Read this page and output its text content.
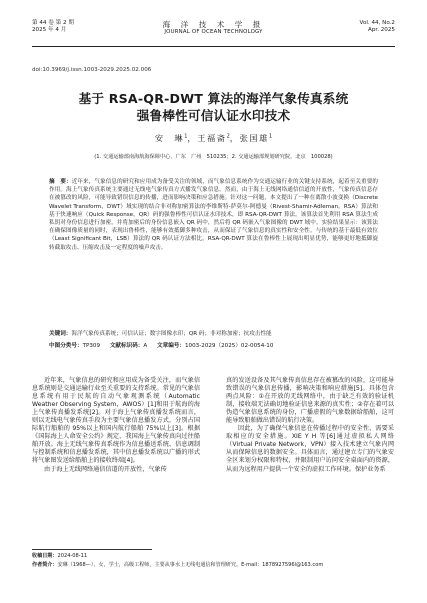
第 44 卷 第 2 期
2025 年 4 月
海 洋 技 术 学 报
JOURNAL OF OCEAN TECHNOLOGY
Vol. 44, No.2
Apr. 2025
doi:10.3969/j.issn.1003-2029.2025.02.006
基于 RSA-QR-DWT 算法的海洋气象传真系统
强鲁棒性可信认证水印技术
安　琳$^1$，王福斋$^2$，张国雄$^1$
(1. 交通运输部南海航海保障中心，广东　广州　510235；2. 交通运输部规划研究院，北京　100028)
摘　要：近年来，气象信息的研究和应用成为备受关注的领域，而气象信息系统作为交通运输行业的关键支持系统，起着至关重要的作用。海上气象传真系统主要通过无线电气象传真方式播发气象信息。然而，由于海上无线网络通信信道的开放性，气象传真信息存在被篡改的风险，可能导致错误信息的传播，进而影响决策和应急措施。针对这一问题，本文提出了一种在离散小波变换（Discrete Wavelet Transform，DWT）域实现的结合非对称加密算法的李维斯特-萨莫尔-阿德曼（Rivest-Shamir-Adleman，RSA）算法和基于快速响应（Quick Response，QR）码的强鲁棒性可信认证水印技术，即 RSA-QR-DWT 算法。该算法首先利用 RSA 算法生成私钥对身份信息进行加密，并将加密后的身份信息嵌入 QR 码中，然后将 QR 码嵌入气象图像的 DWT 域中。实验结果显示：该算法在确保图像质量的同时，表现出鲁棒性，能够有效抵御多种攻击，从而保证了气象信息的真实性和安全性。与传统的基于最低有效位（Least Significant Bit，LSB）算法的 QR 码认证方法相比，RSA-QR-DWT 算法在鲁棒性上展现出明显优势，能够更好地抵御旋转截取攻击、压缩攻击及一定程度的噪声攻击。
关键词：海洋气象传真系统；可信认证；数字图像水印；QR 码；非对称加密；抗攻击性能
中图分类号：TP309 文献标识码：A 文章编号：1003-2029（2025）02-0054-10

近年来，气象信息的研究和应用成为备受关注，而气象信息系统则是交通运输行业至关重要的支持系统。常见的气象信息系统有用于民航的自动气象观测系统（Automatic Weather Observing System，AWOS）[1]和用于航海的海上气象传真播发系统[2]。对于海上气象传真播发系统而言，则以无线电气象传真手段为主要气象信息播发方式，分别占国际航行船舶的 95%以上和国内航行船舶 75%以上[3]。根据《国际海上人命安全公约》规定，我国海上气象传真向过往船舶开放。海上无线气象传真系统作为信息播送系统、信息调制与控制系统和信息播发系统，其中信息播发系统以广播的形式将气象图发送给船舶上的接收终端[4]。

由于海上无线网络通信信道的开放性，气象传

真的发送设备及其气象传真信息存在被篡改的风险，这可能导致错误的气象信息传播，影响决策和响应措施[5]。具体包含两点风险：①在开放的无线网络中，由于缺乏有效的验证机制，接收端无法确切地验证信息来源的真实性；②存在着可以伪造气象信息系统的身份，广播虚假的气象数据给船舶，这可能导致船舶做出错误的航行决策。

因此，为了确保气象信息在传播过程中的安全性，需要采取相应的安全措施。XIE Y H 等[6]通过虚拟私人网络（Virtual Private Network，VPN）接入技术建立气象内网从而保障信息的数据安全。具体而言，通过建立专门的气象安全区来划分权限和特权，并限制用户访问安全桌面内的资源，从而为远程用户提供一个安全的虚拟工作环境。保护业务系

收稿日期：2024-08-11
作者简介：安琳（1968—），女，学士，高级工程师，主要从事水上无线电通信和管理研究。E-mail：1878927596l@163.com
